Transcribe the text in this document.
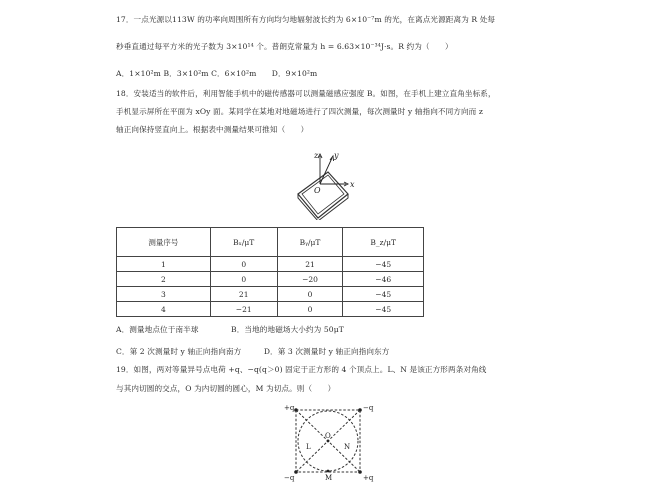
17．一点光源以113W 的功率向周围所有方向均匀地辐射波长约为 6×10⁻⁷m 的光，在离点光源距离为 R 处每
秒垂直通过每平方米的光子数为 3×10¹⁴ 个。普朗克常量为 h = 6.63×10⁻³⁴J·s。R 约为（　　）
A．1×10²m B．3×10²m C．6×10²m　　D．9×10²m
18．安装适当的软件后，利用智能手机中的磁传感器可以测量磁感应强度 B。如图，在手机上建立直角坐标系，
手机显示屏所在平面为 xOy 面。某同学在某地对地磁场进行了四次测量，每次测量时 y 轴指向不同方向而 z
轴正向保持竖直向上。根据表中测量结果可推知（　　）
z y
O
x
测量序号	Bₓ/μT	Bᵧ/μT	B_z/μT
1	0	21	−45
2	0	−20	−46
3	21	0	−45
4	−21	0	−45
A．测量地点位于南半球	B．当地的地磁场大小约为 50μT
C．第 2 次测量时 y 轴正向指向南方	D．第 3 次测量时 y 轴正向指向东方
19．如图，两对等量异号点电荷 +q、−q(q＞0) 固定于正方形的 4 个顶点上。L、N 是该正方形两条对角线
与其内切圆的交点，O 为内切圆的圆心，M 为切点。则（　　）
+q	−q
−q	+q
L
O
N
M
